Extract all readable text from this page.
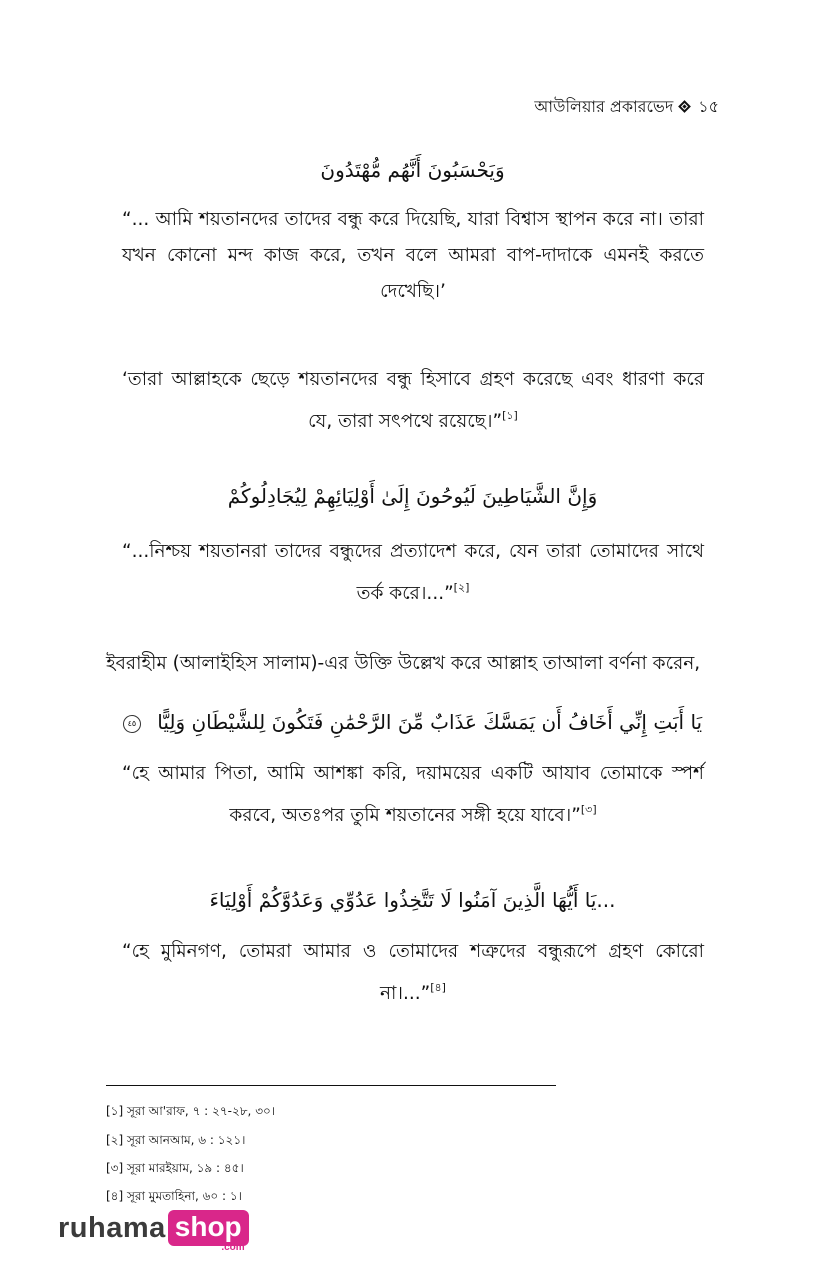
আউলিয়ার প্রকারভেদ ১৫
وَيَحْسَبُونَ أَنَّهُم مُّهْتَدُونَ
“... আমি শয়তানদের তাদের বন্ধু করে দিয়েছি, যারা বিশ্বাস স্থাপন করে না। তারা যখন কোনো মন্দ কাজ করে, তখন বলে আমরা বাপ-দাদাকে এমনই করতে দেখেছি।’
‘তারা আল্লাহকে ছেড়ে শয়তানদের বন্ধু হিসাবে গ্রহণ করেছে এবং ধারণা করে যে, তারা সৎপথে রয়েছে।”[১]
وَإِنَّ الشَّيَاطِينَ لَيُوحُونَ إِلَىٰ أَوْلِيَائِهِمْ لِيُجَادِلُوكُمْ
“...নিশ্চয় শয়তানরা তাদের বন্ধুদের প্রত্যাদেশ করে, যেন তারা তোমাদের সাথে তর্ক করে।...”[২]
ইবরাহীম (আলাইহিস সালাম)-এর উক্তি উল্লেখ করে আল্লাহ তাআলা বর্ণনা করেন,
يَا أَبَتِ إِنِّي أَخَافُ أَن يَمَسَّكَ عَذَابٌ مِّنَ الرَّحْمَٰنِ فَتَكُونَ لِلشَّيْطَانِ وَلِيًّا ٤٥
“হে আমার পিতা, আমি আশঙ্কা করি, দয়াময়ের একটি আযাব তোমাকে স্পর্শ করবে, অতঃপর তুমি শয়তানের সঙ্গী হয়ে যাবে।”[৩]
...يَا أَيُّهَا الَّذِينَ آمَنُوا لَا تَتَّخِذُوا عَدُوِّي وَعَدُوَّكُمْ أَوْلِيَاءَ
“হে মুমিনগণ, তোমরা আমার ও তোমাদের শত্রুদের বন্ধুরূপে গ্রহণ কোরো না।...”[৪]
[১] সূরা আ'রাফ, ৭ : ২৭-২৮, ৩০।
[২] সূরা আনআম, ৬ : ১২১।
[৩] সূরা মারইয়াম, ১৯ : ৪৫।
[৪] সূরা মুমতাহিনা, ৬০ : ১।
ruhama shop
.com
